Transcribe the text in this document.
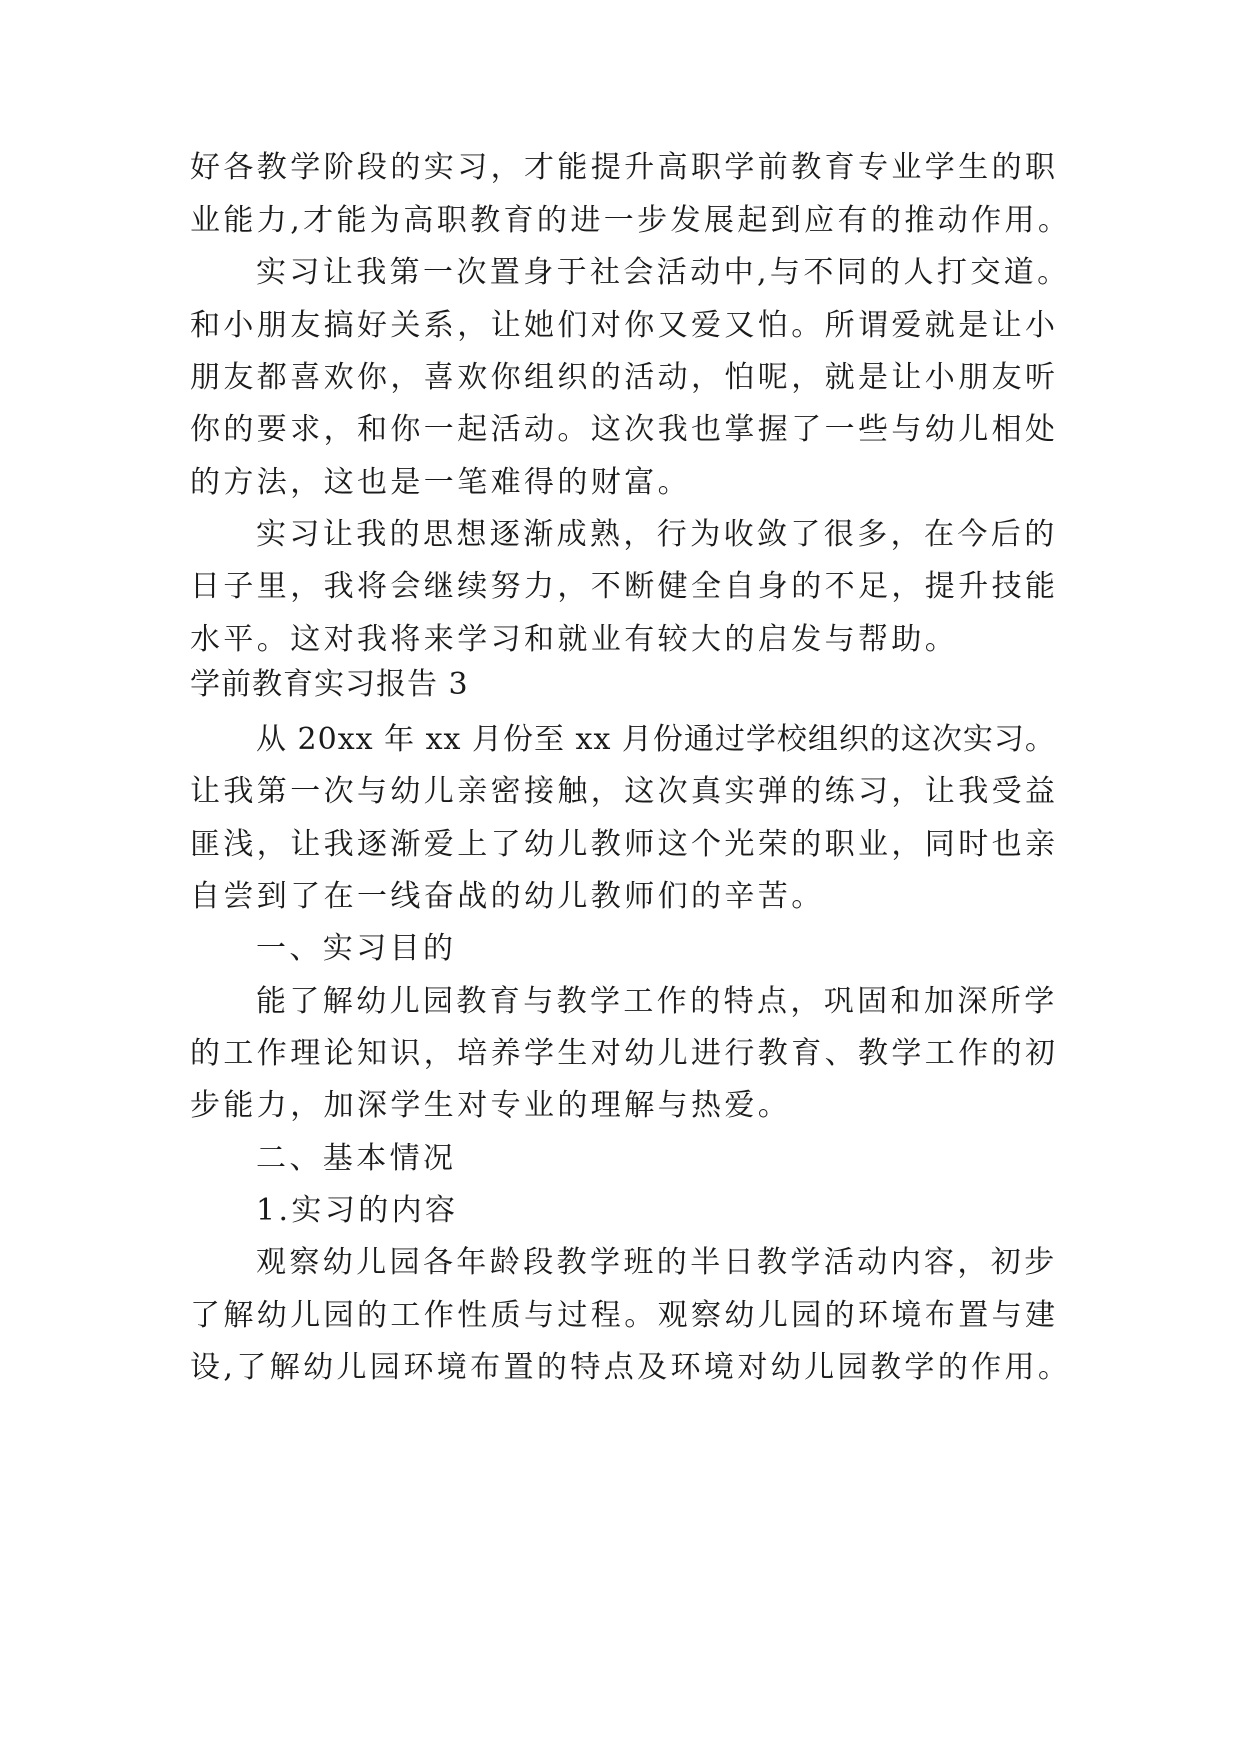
好各教学阶段的实习，才能提升高职学前教育专业学生的职
业能力,才能为高职教育的进一步发展起到应有的推动作用。
实习让我第一次置身于社会活动中,与不同的人打交道。
和小朋友搞好关系，让她们对你又爱又怕。所谓爱就是让小
朋友都喜欢你，喜欢你组织的活动，怕呢，就是让小朋友听
你的要求，和你一起活动。这次我也掌握了一些与幼儿相处
的方法，这也是一笔难得的财富。
实习让我的思想逐渐成熟，行为收敛了很多，在今后的
日子里，我将会继续努力，不断健全自身的不足，提升技能
水平。这对我将来学习和就业有较大的启发与帮助。
学前教育实习报告 3
从 20xx 年 xx 月份至 xx 月份通过学校组织的这次实习。
让我第一次与幼儿亲密接触，这次真实弹的练习，让我受益
匪浅，让我逐渐爱上了幼儿教师这个光荣的职业，同时也亲
自尝到了在一线奋战的幼儿教师们的辛苦。
一、实习目的
能了解幼儿园教育与教学工作的特点，巩固和加深所学
的工作理论知识，培养学生对幼儿进行教育、教学工作的初
步能力，加深学生对专业的理解与热爱。
二、基本情况
1.实习的内容
观察幼儿园各年龄段教学班的半日教学活动内容，初步
了解幼儿园的工作性质与过程。观察幼儿园的环境布置与建
设,了解幼儿园环境布置的特点及环境对幼儿园教学的作用。
